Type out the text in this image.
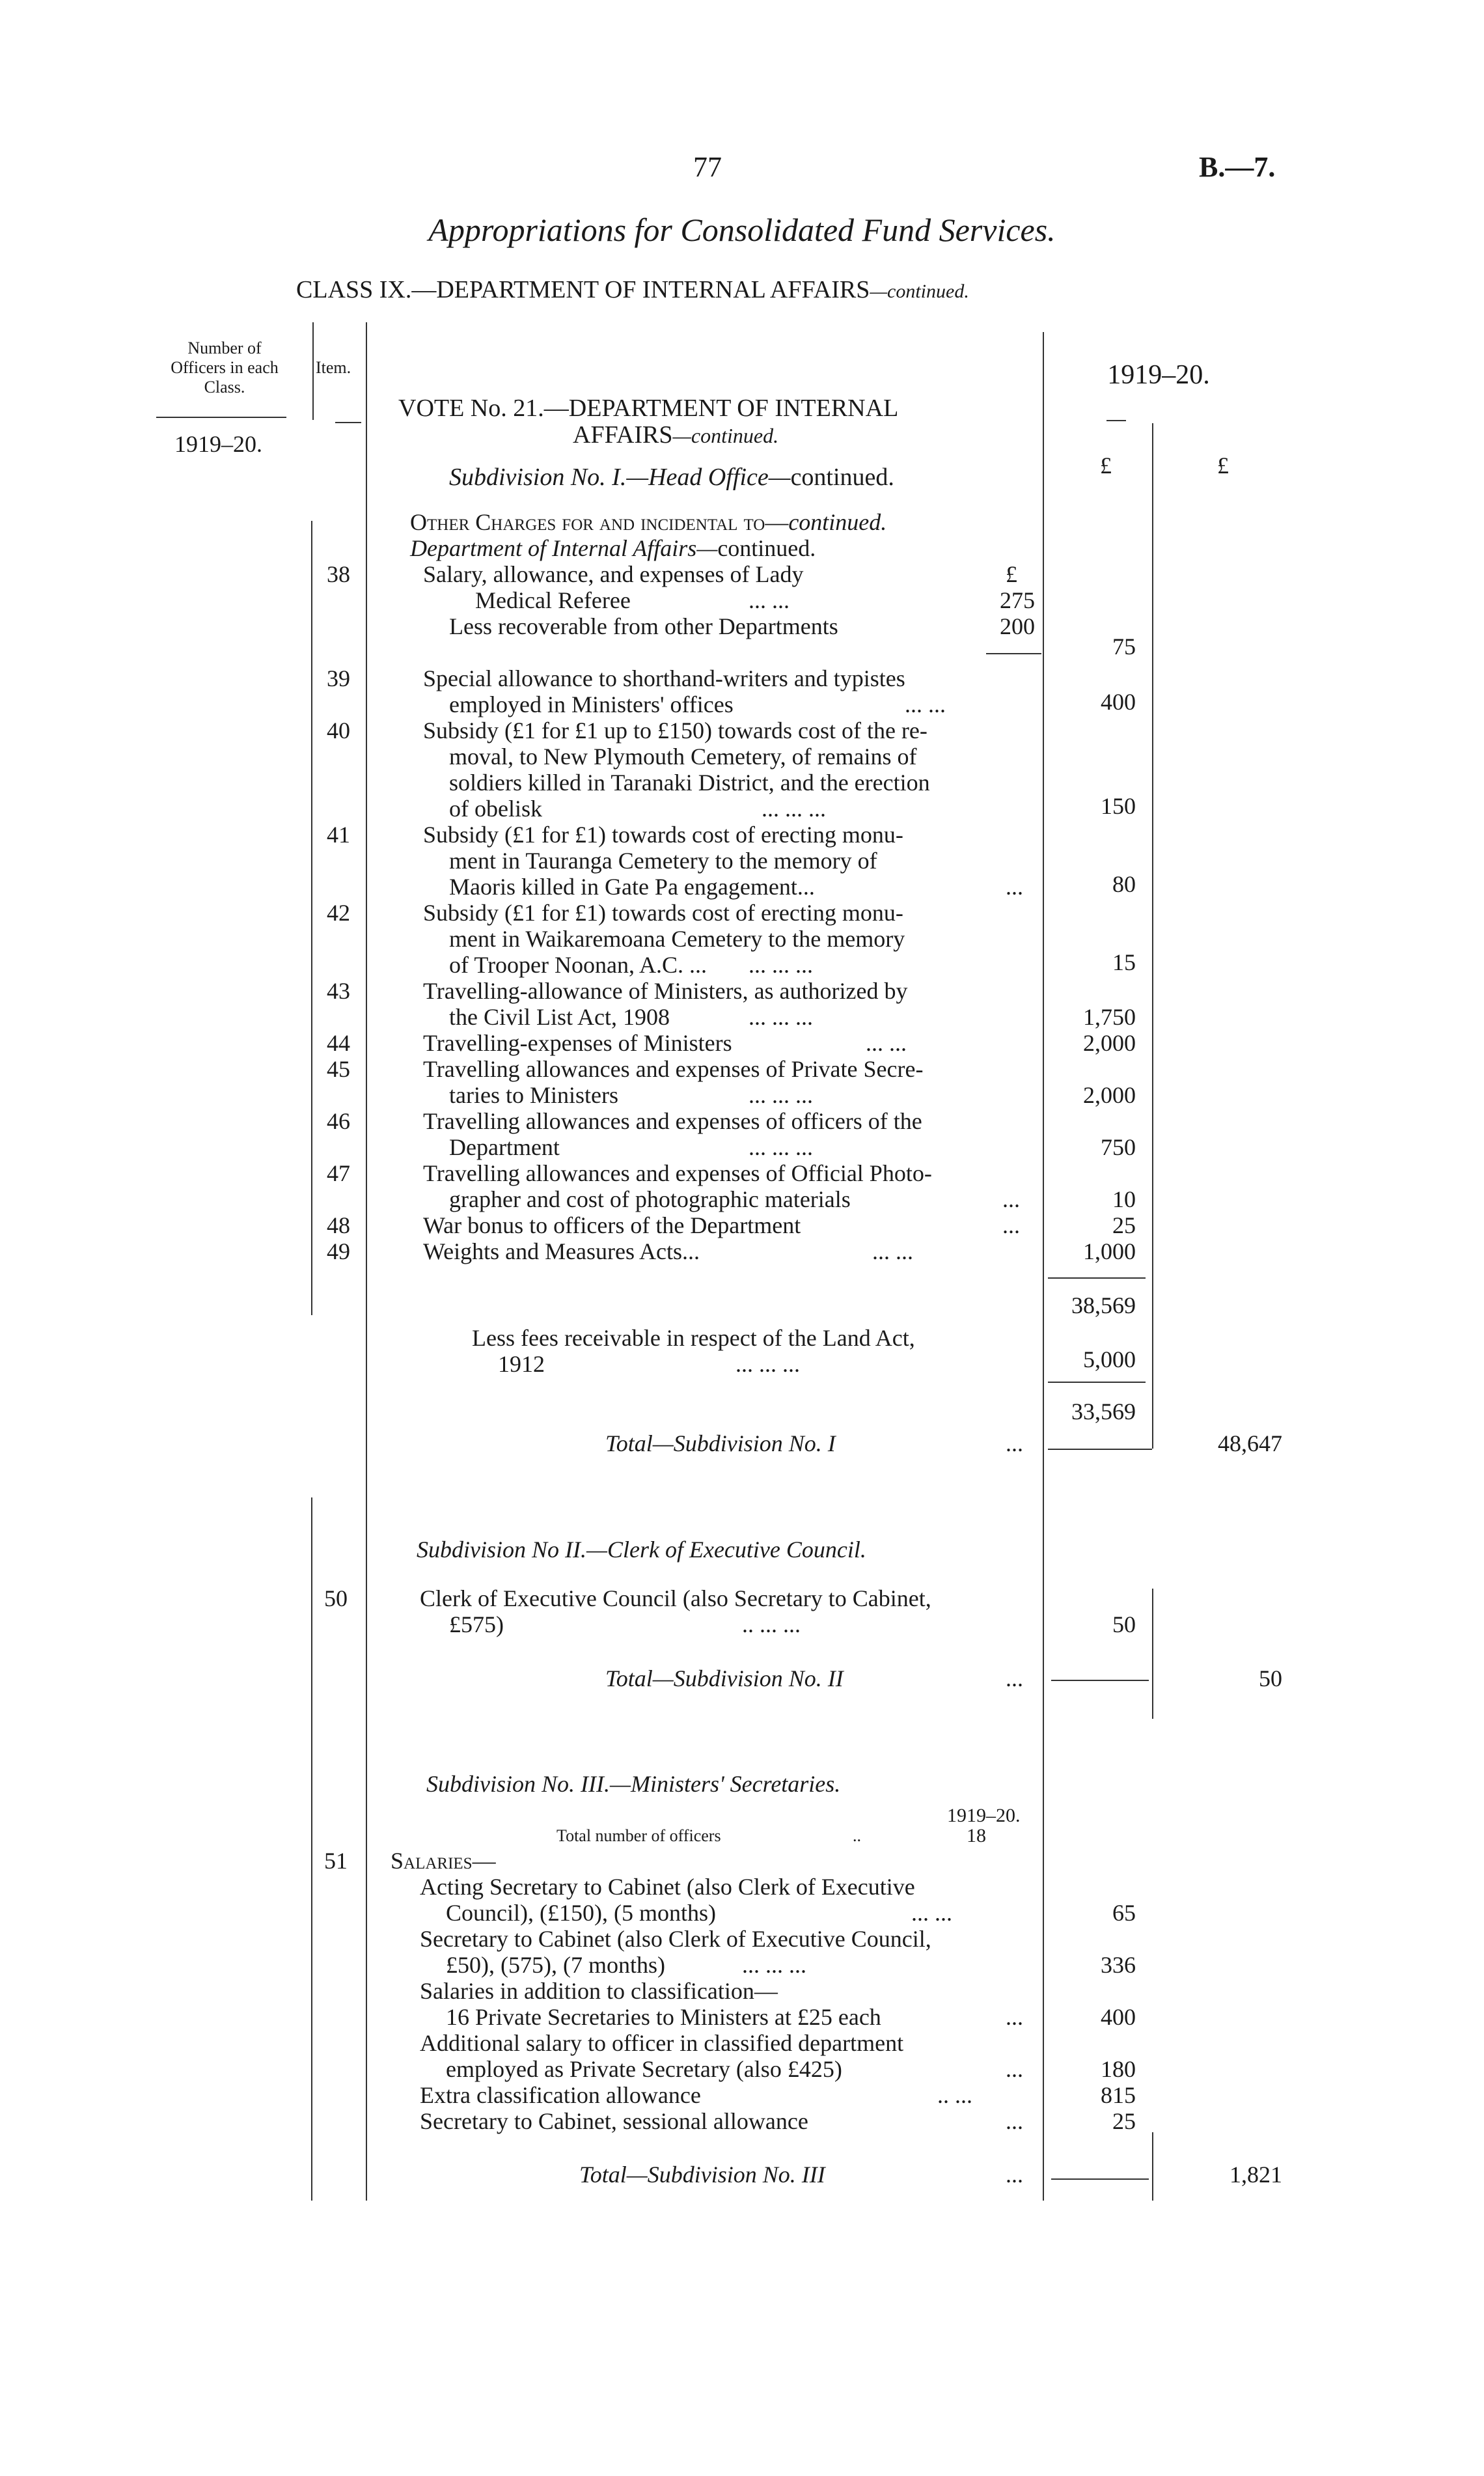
77	B.—7.
Appropriations for Consolidated Fund Services.
CLASS IX.—DEPARTMENT OF INTERNAL AFFAIRS—continued.
Number of
Officers in each
Class.
Item.
1919–20.
1919–20.
£	£
VOTE No. 21.—DEPARTMENT OF INTERNAL
AFFAIRS—continued.
Subdivision No. I.—Head Office—continued.
Other Charges for and incidental to—continued.
Department of Internal Affairs—continued.
38	Salary, allowance, and expenses of Lady	£
Medical Referee	... ...	275
Less recoverable from other Departments	200
75
39	Special allowance to shorthand-writers and typistes
employed in Ministers' offices	... ...	400
40	Subsidy (£1 for £1 up to £150) towards cost of the re-
moval, to New Plymouth Cemetery, of remains of
soldiers killed in Taranaki District, and the erection
of obelisk	... ... ...	150
41	Subsidy (£1 for £1) towards cost of erecting monu-
ment in Tauranga Cemetery to the memory of
Maoris killed in Gate Pa engagement...	...	80
42	Subsidy (£1 for £1) towards cost of erecting monu-
ment in Waikaremoana Cemetery to the memory
of Trooper Noonan, A.C. ... ... ... ...	15
43	Travelling-allowance of Ministers, as authorized by
the Civil List Act, 1908	... ... ...	1,750
44	Travelling-expenses of Ministers	... ...	2,000
45	Travelling allowances and expenses of Private Secre-
taries to Ministers	... ... ...	2,000
46	Travelling allowances and expenses of officers of the
Department	... ... ...	750
47	Travelling allowances and expenses of Official Photo-
grapher and cost of photographic materials	...	10
48	War bonus to officers of the Department	...	25
49	Weights and Measures Acts...	... ...	1,000
38,569
Less fees receivable in respect of the Land Act,
1912	... ... ...	5,000
33,569
Total—Subdivision No. I	...	48,647
Subdivision No II.—Clerk of Executive Council.
50	Clerk of Executive Council (also Secretary to Cabinet,
£575)	.. ... ...	50
Total—Subdivision No. II	...	50
Subdivision No. III.—Ministers' Secretaries.
1919–20.
Total number of officers	..	18
51 Salaries—
Acting Secretary to Cabinet (also Clerk of Executive
Council), (£150), (5 months)	... ...	65
Secretary to Cabinet (also Clerk of Executive Council,
£50), (575), (7 months)	... ... ...	336
Salaries in addition to classification—
16 Private Secretaries to Ministers at £25 each	...	400
Additional salary to officer in classified department
employed as Private Secretary (also £425)	...	180
Extra classification allowance	.. ...	815
Secretary to Cabinet, sessional allowance	...	25
Total—Subdivision No. III	...	1,821
